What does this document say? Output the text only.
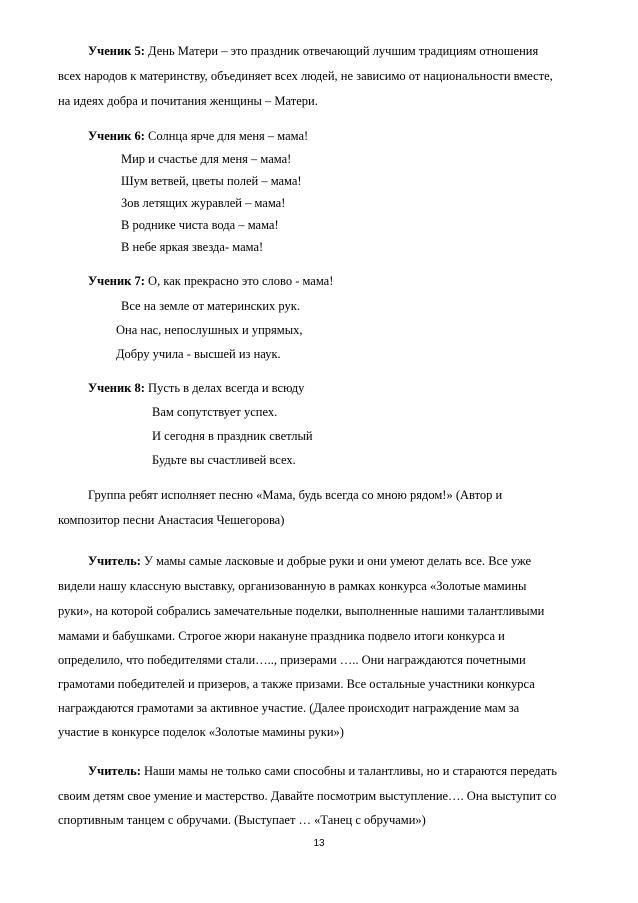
Ученик 5: День Матери – это праздник отвечающий лучшим традициям отношения
всех народов к материнству, объединяет всех людей, не зависимо от национальности вместе,
на идеях добра и почитания женщины – Матери.
Ученик 6: Солнца ярче для меня – мама!
Мир и счастье для меня – мама!
Шум ветвей, цветы полей – мама!
Зов летящих журавлей – мама!
В роднике чиста вода – мама!
В небе яркая звезда- мама!
Ученик 7: О, как прекрасно это слово - мама!
Все на земле от материнских рук.
Она нас, непослушных и упрямых,
Добру учила - высшей из наук.
Ученик 8: Пусть в делах всегда и всюду
Вам сопутствует успех.
И сегодня в праздник светлый
Будьте вы счастливей всех.
Группа ребят исполняет песню «Мама, будь всегда со мною рядом!» (Автор и
композитор песни Анастасия Чешегорова)
Учитель: У мамы самые ласковые и добрые руки и они умеют делать все. Все уже
видели нашу классную выставку, организованную в рамках конкурса «Золотые мамины
руки», на которой собрались замечательные поделки, выполненные нашими талантливыми
мамами и бабушками. Строгое жюри накануне праздника подвело итоги конкурса и
определило, что победителями стали….., призерами ….. Они награждаются почетными
грамотами победителей и призеров, а также призами. Все остальные участники конкурса
награждаются грамотами за активное участие. (Далее происходит награждение мам за
участие в конкурсе поделок «Золотые мамины руки»)
Учитель: Наши мамы не только сами способны и талантливы, но и стараются передать
своим детям свое умение и мастерство. Давайте посмотрим выступление…. Она выступит со
спортивным танцем с обручами. (Выступает … «Танец с обручами»)
13
